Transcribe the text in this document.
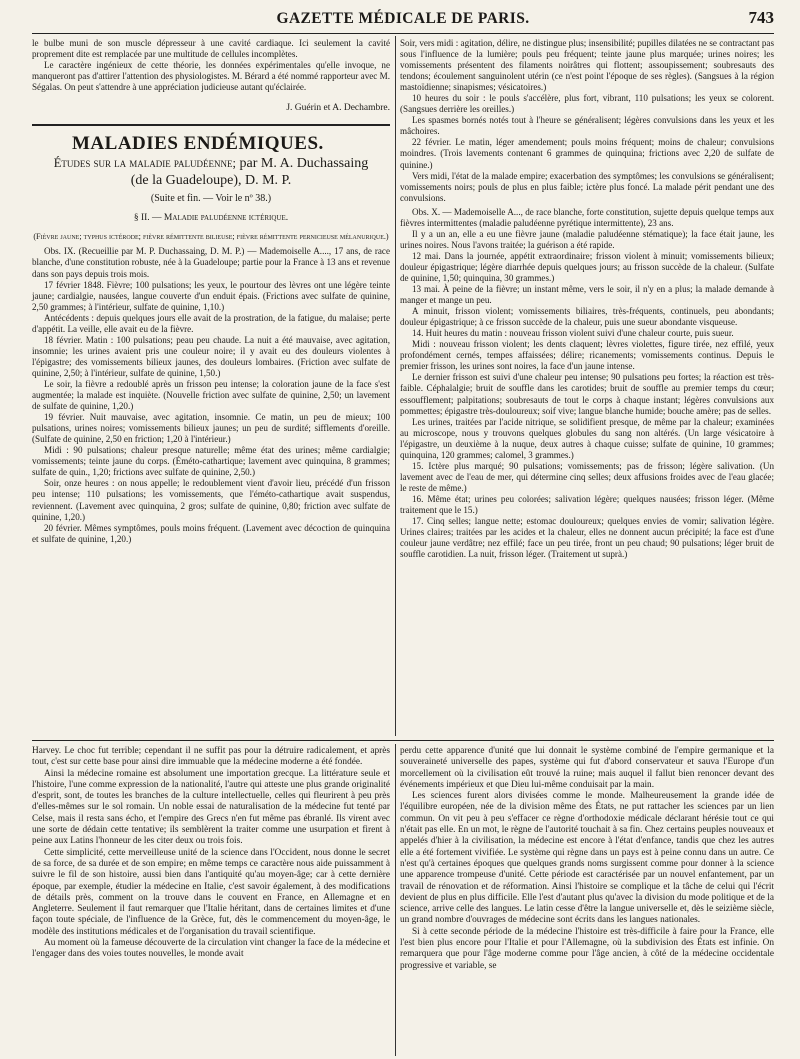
GAZETTE MÉDICALE DE PARIS.	743

le bulbe muni de son muscle dépresseur à une cavité cardiaque. Ici seulement la cavité proprement dite est remplacée par une multitude de cellules incomplètes.

Le caractère ingénieux de cette théorie, les données expérimentales qu'elle invoque, ne manqueront pas d'attirer l'attention des physiologistes. M. Bérard a été nommé rapporteur avec M. Ségalas. On peut s'attendre à une appréciation judicieuse autant qu'éclairée.

J. Guérin et A. Dechambre.
MALADIES ENDÉMIQUES.
Études sur la maladie paludéenne; par M. A. Duchassaing
(de la Guadeloupe), D. M. P.
(Suite et fin. — Voir le nº 38.)
§ II. — Maladie paludéenne ictérique.
(Fièvre jaune; typhus ictérode; fièvre rémittente bilieuse; fièvre rémittente pernicieuse mélanurique.)

Obs. IX. (Recueillie par M. P. Duchassaing, D. M. P.) — Mademoiselle A...., 17 ans, de race blanche, d'une constitution robuste, née à la Guadeloupe; partie pour la France à 13 ans et revenue dans son pays depuis trois mois.

17 février 1848. Fièvre; 100 pulsations; les yeux, le pourtour des lèvres ont une légère teinte jaune; cardialgie, nausées, langue couverte d'un enduit épais. (Frictions avec sulfate de quinine, 2,50 grammes; à l'intérieur, sulfate de quinine, 1,10.)

Antécédents : depuis quelques jours elle avait de la prostration, de la fatigue, du malaise; perte d'appétit. La veille, elle avait eu de la fièvre.

18 février. Matin : 100 pulsations; peau peu chaude. La nuit a été mauvaise, avec agitation, insomnie; les urines avaient pris une couleur noire; il y avait eu des douleurs violentes à l'épigastre; des vomissements bilieux jaunes, des douleurs lombaires. (Friction avec sulfate de quinine, 2,50; à l'intérieur, sulfate de quinine, 1,50.)

Le soir, la fièvre a redoublé après un frisson peu intense; la coloration jaune de la face s'est augmentée; la malade est inquiète. (Nouvelle friction avec sulfate de quinine, 2,50; un lavement de sulfate de quinine, 1,20.)

19 février. Nuit mauvaise, avec agitation, insomnie. Ce matin, un peu de mieux; 100 pulsations, urines noires; vomissements bilieux jaunes; un peu de surdité; sifflements d'oreille. (Sulfate de quinine, 2,50 en friction; 1,20 à l'intérieur.)

Midi : 90 pulsations; chaleur presque naturelle; même état des urines; même cardialgie; vomissements; teinte jaune du corps. (Éméto-cathartique; lavement avec quinquina, 8 grammes; sulfate de quin., 1,20; frictions avec sulfate de quinine, 2,50.)

Soir, onze heures : on nous appelle; le redoublement vient d'avoir lieu, précédé d'un frisson peu intense; 110 pulsations; les vomissements, que l'éméto-cathartique avait suspendus, reviennent. (Lavement avec quinquina, 2 gros; sulfate de quinine, 0,80; friction avec sulfate de quinine, 1,20.)

20 février. Mêmes symptômes, pouls moins fréquent. (Lavement avec décoction de quinquina et sulfate de quinine, 1,20.)

Soir, vers midi : agitation, délire, ne distingue plus; insensibilité; pupilles dilatées ne se contractant pas sous l'influence de la lumière; pouls peu fréquent; teinte jaune plus marquée; urines noires; les vomissements présentent des filaments noirâtres qui flottent; assoupissement; soubresauts des tendons; écoulement sanguinolent utérin (ce n'est point l'époque de ses règles). (Sangsues à la région mastoïdienne; sinapismes; vésicatoires.)

10 heures du soir : le pouls s'accélère, plus fort, vibrant, 110 pulsations; les yeux se colorent. (Sangsues derrière les oreilles.)

Les spasmes bornés notés tout à l'heure se généralisent; légères convulsions dans les yeux et les mâchoires.

22 février. Le matin, léger amendement; pouls moins fréquent; moins de chaleur; convulsions moindres. (Trois lavements contenant 6 grammes de quinquina; frictions avec 2,20 de sulfate de quinine.)

Vers midi, l'état de la malade empire; exacerbation des symptômes; les convulsions se généralisent; vomissements noirs; pouls de plus en plus faible; ictère plus foncé. La malade périt pendant une des convulsions.

Obs. X. — Mademoiselle A..., de race blanche, forte constitution, sujette depuis quelque temps aux fièvres intermittentes (maladie paludéenne pyrétique intermittente), 23 ans.

Il y a un an, elle a eu une fièvre jaune (maladie paludéenne stématique); la face était jaune, les urines noires. Nous l'avons traitée; la guérison a été rapide.

12 mai. Dans la journée, appétit extraordinaire; frisson violent à minuit; vomissements bilieux; douleur épigastrique; légère diarrhée depuis quelques jours; au frisson succède de la chaleur. (Sulfate de quinine, 1,50; quinquina, 30 grammes.)

13 mai. À peine de la fièvre; un instant même, vers le soir, il n'y en a plus; la malade demande à manger et mange un peu.

A minuit, frisson violent; vomissements biliaires, très-fréquents, continuels, peu abondants; douleur épigastrique; à ce frisson succède de la chaleur, puis une sueur abondante visqueuse.

14. Huit heures du matin : nouveau frisson violent suivi d'une chaleur courte, puis sueur.

Midi : nouveau frisson violent; les dents claquent; lèvres violettes, figure tirée, nez effilé, yeux profondément cernés, tempes affaissées; délire; ricanements; vomissements continus. Depuis le premier frisson, les urines sont noires, la face d'un jaune intense.

Le dernier frisson est suivi d'une chaleur peu intense; 90 pulsations peu fortes; la réaction est très-faible. Céphalalgie; bruit de souffle dans les carotides; bruit de souffle au premier temps du cœur; essoufflement; palpitations; soubresauts de tout le corps à chaque instant; légères convulsions aux pommettes; épigastre très-douloureux; soif vive; langue blanche humide; bouche amère; pas de selles.

Les urines, traitées par l'acide nitrique, se solidifient presque, de même par la chaleur; examinées au microscope, nous y trouvons quelques globules du sang non altérés. (Un large vésicatoire à l'épigastre, un deuxième à la nuque, deux autres à chaque cuisse; sulfate de quinine, 10 grammes; quinquina, 120 grammes; calomel, 3 grammes.)

15. Ictère plus marqué; 90 pulsations; vomissements; pas de frisson; légère salivation. (Un lavement avec de l'eau de mer, qui détermine cinq selles; deux affusions froides avec de l'eau glacée; le reste de même.)

16. Même état; urines peu colorées; salivation légère; quelques nausées; frisson léger. (Même traitement que le 15.)

17. Cinq selles; langue nette; estomac douloureux; quelques envies de vomir; salivation légère. Urines claires; traitées par les acides et la chaleur, elles ne donnent aucun précipité; la face est d'une couleur jaune verdâtre; nez effilé; face un peu tirée, front un peu chaud; 90 pulsations; léger bruit de souffle carotidien. La nuit, frisson léger. (Traitement ut suprà.)

Harvey. Le choc fut terrible; cependant il ne suffit pas pour la détruire radicalement, et après tout, c'est sur cette base pour ainsi dire immuable que la médecine moderne a été fondée.

Ainsi la médecine romaine est absolument une importation grecque. La littérature seule et l'histoire, l'une comme expression de la nationalité, l'autre qui atteste une plus grande originalité d'esprit, sont, de toutes les branches de la culture intellectuelle, celles qui fleurirent à peu près d'elles-mêmes sur le sol romain. Un noble essai de naturalisation de la médecine fut tenté par Celse, mais il resta sans écho, et l'empire des Grecs n'en fut même pas ébranlé. Ils virent avec une sorte de dédain cette tentative; ils semblèrent la traiter comme une usurpation et firent à peine aux Latins l'honneur de les citer deux ou trois fois.

Cette simplicité, cette merveilleuse unité de la science dans l'Occident, nous donne le secret de sa force, de sa durée et de son empire; en même temps ce caractère nous aide puissamment à suivre le fil de son histoire, aussi bien dans l'antiquité qu'au moyen-âge; car à cette dernière époque, par exemple, étudier la médecine en Italie, c'est savoir également, à des modifications de détails près, comment on la trouve dans le couvent en France, en Allemagne et en Angleterre. Seulement il faut remarquer que l'Italie héritant, dans de certaines limites et d'une façon toute spéciale, de l'influence de la Grèce, fut, dès le commencement du moyen-âge, le modèle des institutions médicales et de l'organisation du travail scientifique.

Au moment où la fameuse découverte de la circulation vint changer la face de la médecine et l'engager dans des voies toutes nouvelles, le monde avait

perdu cette apparence d'unité que lui donnait le système combiné de l'empire germanique et la souveraineté universelle des papes, système qui fut d'abord conservateur et sauva l'Europe d'un morcellement où la civilisation eût trouvé la ruine; mais auquel il fallut bien renoncer devant des événements impérieux et que Dieu lui-même conduisait par la main.

Les sciences furent alors divisées comme le monde. Malheureusement la grande idée de l'équilibre européen, née de la division même des États, ne put rattacher les sciences par un lien commun. On vit peu à peu s'effacer ce règne d'orthodoxie médicale déclarant hérésie tout ce qui n'était pas elle. En un mot, le règne de l'autorité touchait à sa fin. Chez certains peuples nouveaux et appelés d'hier à la civilisation, la médecine est encore à l'état d'enfance, tandis que chez les autres elle a été fortement vivifiée. Le système qui règne dans un pays est à peine connu dans un autre. Ce n'est qu'à certaines époques que quelques grands noms surgissent comme pour donner à la science une apparence trompeuse d'unité. Cette période est caractérisée par un nouvel enfantement, par un travail de rénovation et de réformation. Ainsi l'histoire se complique et la tâche de celui qui l'écrit devient de plus en plus difficile. Elle l'est d'autant plus qu'avec la division du mode politique et de la science, arrive celle des langues. Le latin cesse d'être la langue universelle et, dès le seizième siècle, un grand nombre d'ouvrages de médecine sont écrits dans les langues nationales.

Si à cette seconde période de la médecine l'histoire est très-difficile à faire pour la France, elle l'est bien plus encore pour l'Italie et pour l'Allemagne, où la subdivision des États est infinie. On remarquera que pour l'âge moderne comme pour l'âge ancien, à côté de la médecine occidentale progressive et variable, se
